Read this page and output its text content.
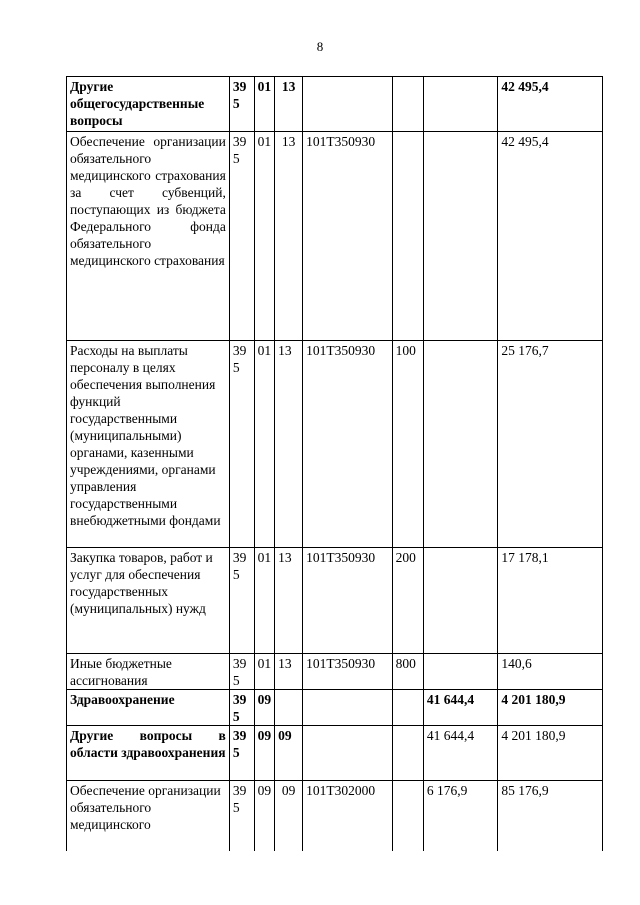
8
Другие общегосударственные вопросы	395	01	13				42 495,4
Обеспечение организации обязательного медицинского страхования за счет субвенций, поступающих из бюджета Федерального фонда обязательного медицинского страхования	395	01	13	101Т350930			42 495,4
Расходы на выплаты персоналу в целях обеспечения выполнения функций государственными (муниципальными) органами, казенными учреждениями, органами управления государственными внебюджетными фондами	395	01	13	101Т350930	100		25 176,7
Закупка товаров, работ и услуг для обеспечения государственных (муниципальных) нужд	395	01	13	101Т350930	200		17 178,1
Иные бюджетные ассигнования	395	01	13	101Т350930	800		140,6
Здравоохранение	395	09				41 644,4	4 201 180,9
Другие вопросы в области здравоохранения	395	09	09			41 644,4	4 201 180,9
Обеспечение организации обязательного медицинского	395	09	09	101Т302000		6 176,9	85 176,9
